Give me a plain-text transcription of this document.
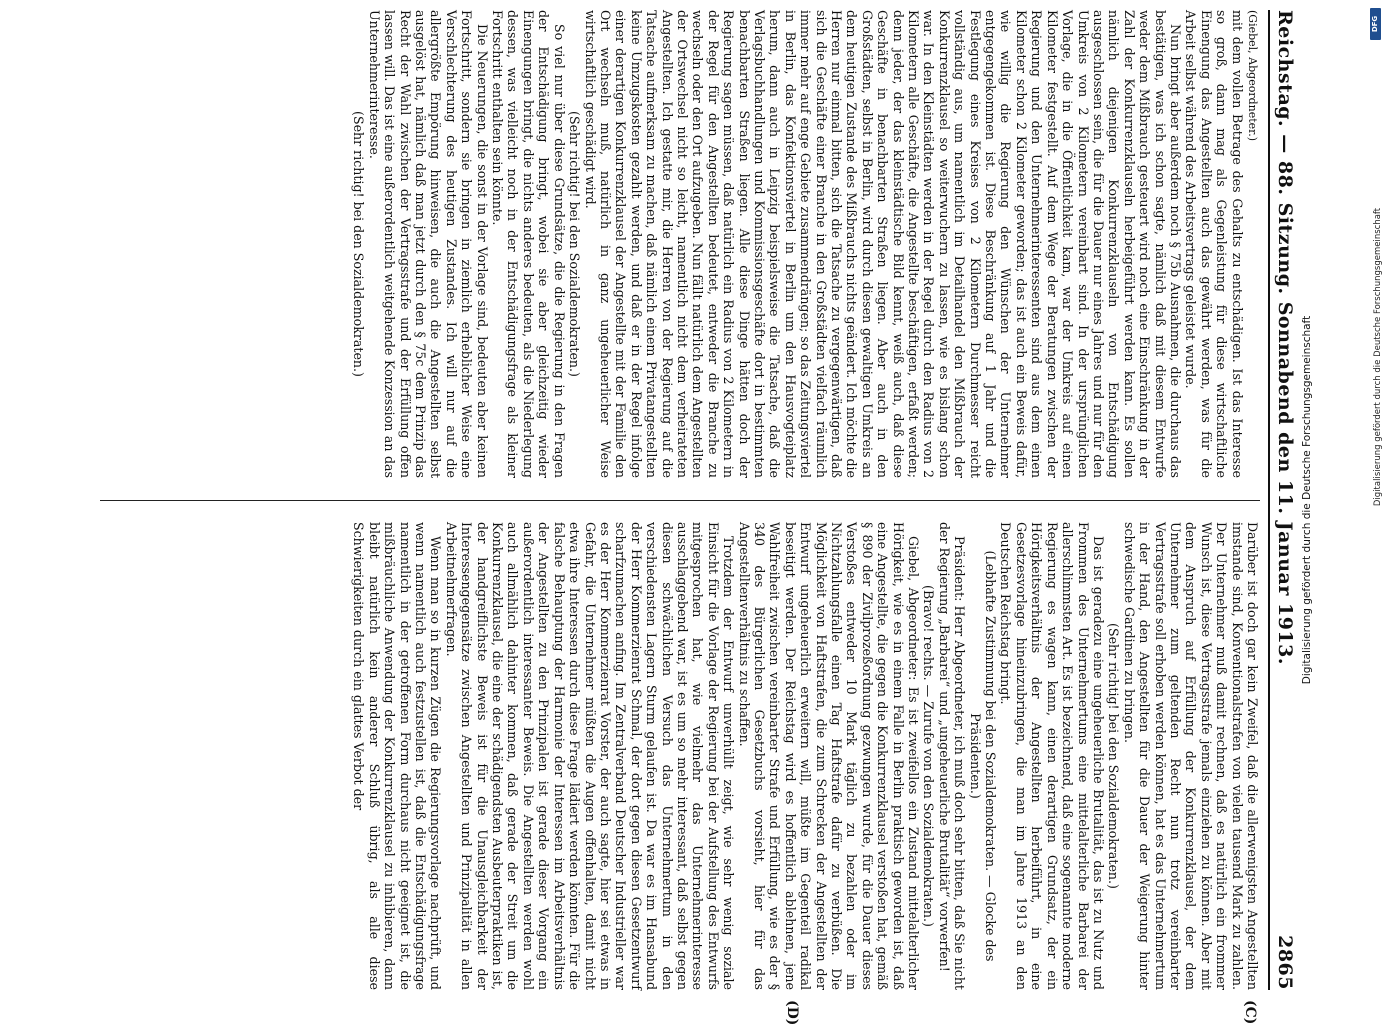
Reichstag. — 88. Sitzung. Sonnabend den 11. Januar 1913.
2865
(C)
(D)

(Giebel, Abgeordneter.)

mit dem vollen Betrage des Gehalts zu entschädigen. Ist das Interesse so groß, dann mag als Gegenleistung für diese wirtschaftliche Einengung das Angestellten auch das gewährt werden, was für die Arbeit selbst während des Arbeitsvertrags geleistet wurde.

Nun bringt aber außerdem noch § 75b Ausnahmen, die durchaus das bestätigen, was ich schon sagte, nämlich daß mit diesem Entwurfe weder dem Mißbrauch gesteuert wird noch eine Einschränkung in der Zahl der Konkurrenzklauseln herbeigeführt werden kann. Es sollen nämlich diejenigen Konkurrenzklauseln von Entschädigung ausgeschlossen sein, die für die Dauer nur eines Jahres und nur für den Umkreis von 2 Kilometern vereinbart sind. In der ursprünglichen Vorlage, die in die Öffentlichkeit kam, war der Umkreis auf einen Kilometer festgestellt. Auf dem Wege der Beratungen zwischen der Regierung und den Unternehmerinteressenten sind aus dem einen Kilometer schon 2 Kilometer geworden; das ist auch ein Beweis dafür, wie willig die Regierung den Wünschen der Unternehmer entgegengekommen ist. Diese Beschränkung auf 1 Jahr und die Festlegung eines Kreises von 2 Kilometern Durchmesser reicht vollständig aus, um namentlich im Detailhandel den Mißbrauch der Konkurrenzklausel so weiterwuchern zu lassen, wie es bislang schon war. In den Kleinstädten werden in der Regel durch den Radius von 2 Kilometern alle Geschäfte, die Angestellte beschäftigen, erfaßt werden; denn jeder, der das kleinstädtische Bild kennt, weiß auch, daß diese Geschäfte in benachbarten Straßen liegen. Aber auch in den Großstädten, selbst in Berlin, wird durch diesen gewaltigen Umkreis an dem heutigen Zustande des Mißbrauchs nichts geändert. Ich möchte die Herren nur einmal bitten, sich die Tatsache zu vergegenwärtigen, daß sich die Geschäfte einer Branche in den Großstädten vielfach räumlich immer mehr auf enge Gebiete zusammendrängen; so das Zeitungsviertel in Berlin, das Konfektionsviertel in Berlin um den Hausvogteiplatz herum, dann auch in Leipzig beispielsweise die Tatsache, daß die Verlagsbuchhandlungen und Kommissionsgeschäfte dort in bestimmten benachbarten Straßen liegen. Alle diese Dinge hätten doch der Regierung sagen müssen, daß natürlich ein Radius von 2 Kilometern in der Regel für den Angestellten bedeutet, entweder die Branche zu wechseln oder den Ort aufzugeben. Nun fällt natürlich dem Angestellten der Ortswechsel nicht so leicht, namentlich nicht dem verheirateten Angestellten. Ich gestatte mir, die Herren von der Regierung auf die Tatsache aufmerksam zu machen, daß nämlich einem Privatangestellten keine Umzugskosten gezahlt werden, und daß er in der Regel infolge einer derartigen Konkurrenzklausel der Angestellte mit der Familie den Ort wechseln muß, natürlich in ganz ungeheuerlicher Weise wirtschaftlich geschädigt wird.

(Sehr richtig! bei den Sozialdemokraten.)

So viel nur über diese Grundsätze, die die Regierung in den Fragen der Entschädigung bringt, wobei sie aber gleichzeitig wieder Einengungen bringt, die nichts anderes bedeuten, als die Niederlegung dessen, was vielleicht noch in der Entschädigungsfrage als kleiner Fortschritt enthalten sein könnte.

Die Neuerungen, die sonst in der Vorlage sind, bedeuten aber keinen Fortschritt, sondern sie bringen in ziemlich erheblicher Weise eine Verschlechterung des heutigen Zustandes. Ich will nur auf die allergrößte Empörung hinweisen, die auch die Angestellten selbst ausgelöst hat, nämlich daß man jetzt durch den § 75c dem Prinzip das Recht der Wahl zwischen der Vertragsstrafe und der Erfüllung offen lassen will. Das ist eine außerordentlich weitgehende Konzession an das Unternehmerinteresse.

(Sehr richtig! bei den Sozialdemokraten.)

Darüber ist doch gar kein Zweifel, daß die allerwenigsten Angestellten imstande sind, Konventionalstrafen von vielen tausend Mark zu zahlen. Der Unternehmer muß damit rechnen, daß es natürlich ein frommer Wunsch ist, diese Vertragsstrafe jemals einziehen zu können. Aber mit dem Anspruch auf Erfüllung der Konkurrenzklausel, der dem Unternehmer zum geltenden Recht nun trotz vereinbarter Vertragsstrafe soll erhoben werden können, hat es das Unternehmertum in der Hand, den Angestellten für die Dauer der Weigerung hinter schwedische Gardinen zu bringen.

(Sehr richtig! bei den Sozialdemokraten.)

Das ist geradezu eine ungeheuerliche Brutalität, das ist zu Nutz und Frommen des Unternehmertums eine mittelalterliche Barbarei der allerschlimmsten Art. Es ist bezeichnend, daß eine sogenannte moderne Regierung es wagen kann, einen derartigen Grundsatz, der ein Hörigkeitsverhältnis der Angestellten herbeiführt, in eine Gesetzesvorlage hineinzubringen, die man im Jahre 1913 an den Deutschen Reichstag bringt.

(Lebhafte Zustimmung bei den Sozialdemokraten. — Glocke des Präsidenten.)

Präsident: Herr Abgeordneter, ich muß doch sehr bitten, daß Sie nicht der Regierung „Barbarei“ und „ungeheuerliche Brutalität“ vorwerfen!

(Bravo! rechts. — Zurufe von den Sozialdemokraten.)

Giebel, Abgeordneter: Es ist zweifellos ein Zustand mittelalterlicher Hörigkeit, wie es in einem Falle in Berlin praktisch geworden ist, daß eine Angestellte, die gegen die Konkurrenzklausel verstoßen hat, gemäß § 890 der Zivilprozeßordnung gezwungen wurde, für die Dauer dieses Verstoßes entweder 10 Mark täglich zu bezahlen oder im Nichtzahlungsfalle einen Tag Haftstrafe dafür zu verbüßen. Die Möglichkeit von Haftstrafen, die zum Schrecken der Angestellten der Entwurf ungeheuerlich erweitern will, müßte im Gegenteil radikal beseitigt werden. Der Reichstag wird es hoffentlich ablehnen, jene Wahlfreiheit zwischen vereinbarter Strafe und Erfüllung, wie es der § 340 des Bürgerlichen Gesetzbuchs vorsieht, hier für das Angestelltenverhältnis zu schaffen.

Trotzdem der Entwurf unverhüllt zeigt, wie sehr wenig soziale Einsicht für die Vorlage der Regierung bei der Aufstellung des Entwurfs mitgesprochen hat, wie vielmehr das Unternehmerinteresse ausschlaggebend war, ist es um so mehr interessant, daß selbst gegen diesen schwächlichen Versuch das Unternehmertum in den verschiedensten Lagern Sturm gelaufen ist. Da war es im Hansabund der Herr Kommerzienrat Schmal, der dort gegen diesen Gesetzentwurf scharfzumachen anfing. Im Zentralverband Deutscher Industrieller war es der Herr Kommerzienrat Vorster, der auch sagte, hier sei etwas in Gefahr, die Unternehmer müßten die Augen offenhalten, damit nicht etwa ihre Interessen durch diese Frage lädiert werden könnten. Für die falsche Behauptung der Harmonie der Interessen im Arbeitsverhältnis der Angestellten zu den Prinzipalen ist gerade dieser Vorgang ein außerordentlich interessanter Beweis. Die Angestellten werden wohl auch allmählich dahinter kommen, daß gerade der Streit um die Konkurrenzklausel, die eine der schädigendsten Ausbeuterpraktiken ist, der handgreiflichste Beweis ist für die Unausgleichbarkeit der Interessengegensätze zwischen Angestellten und Prinzipalität in allen Arbeitnehmerfragen.

Wenn man so in kurzen Zügen die Regierungsvorlage nachprüft, und wenn namentlich auch festzustellen ist, daß die Entschädigungsfrage namentlich in der getroffenen Form durchaus nicht geeignet ist, die mißbräuchliche Anwendung der Konkurrenzklausel zu inhibieren, dann bleibt natürlich kein anderer Schluß übrig, als alle diese Schwierigkeiten durch ein glattes Verbot der	Digitalisierung gefördert durch die Deutsche Forschungsgemeinschaft
DFG
Digitalisierung gefördert durch die Deutsche Forschungsgemeinschaft
